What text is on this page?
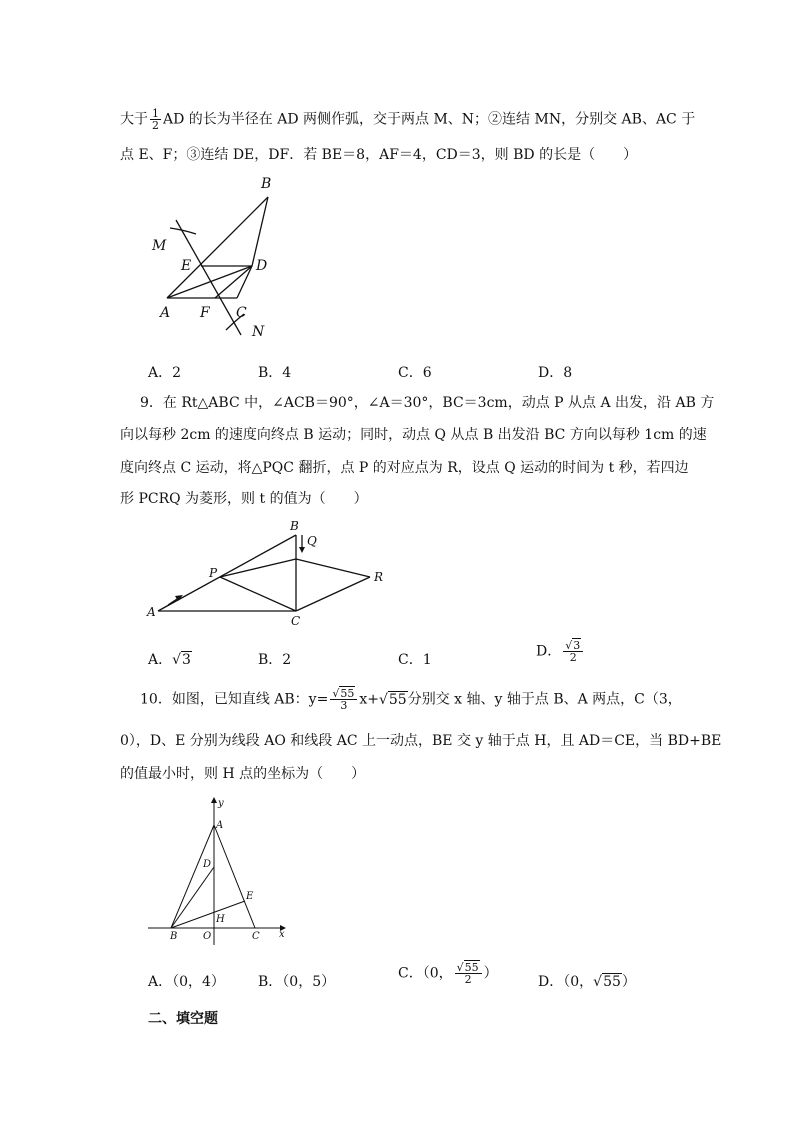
大于 $\frac{1}{2}$ AD 的长为半径在 AD 两侧作弧，交于两点 M、N；②连结 MN，分别交 AB、AC 于
点 E、F；③连结 DE，DF．若 BE＝8，AF＝4，CD＝3，则 BD 的长是（　　）
B
M
E	D
A F C
N
A．2	B．4	C．6	D．8
9．在 Rt△ABC 中，∠ACB＝90°，∠A＝30°，BC＝3cm，动点 P 从点 A 出发，沿 AB 方
向以每秒 2cm 的速度向终点 B 运动；同时，动点 Q 从点 B 出发沿 BC 方向以每秒 1cm 的速
度向终点 C 运动，将△PQC 翻折，点 P 的对应点为 R，设点 Q 运动的时间为 t 秒，若四边
形 PCRQ 为菱形，则 t 的值为（　　）
B
Q
P	R
A
C
A．√3	B．2	C．1
D． $\frac{√3}{2}$
10．如图，已知直线 AB：$y= \frac{√55}{3} x+√55$分别交 x 轴、y 轴于点 B、A 两点，C（3，
0），D、E 分别为线段 AO 和线段 AC 上一动点，BE 交 y 轴于点 H，且 AD＝CE，当 BD+BE
的值最小时，则 H 点的坐标为（　　）
y
A
D
E
H
B	O	C x
A．（0，4） B．（0，5）
C．（0， $\frac{√55}{2}$ ）
D．（0，√55）
二、填空题
